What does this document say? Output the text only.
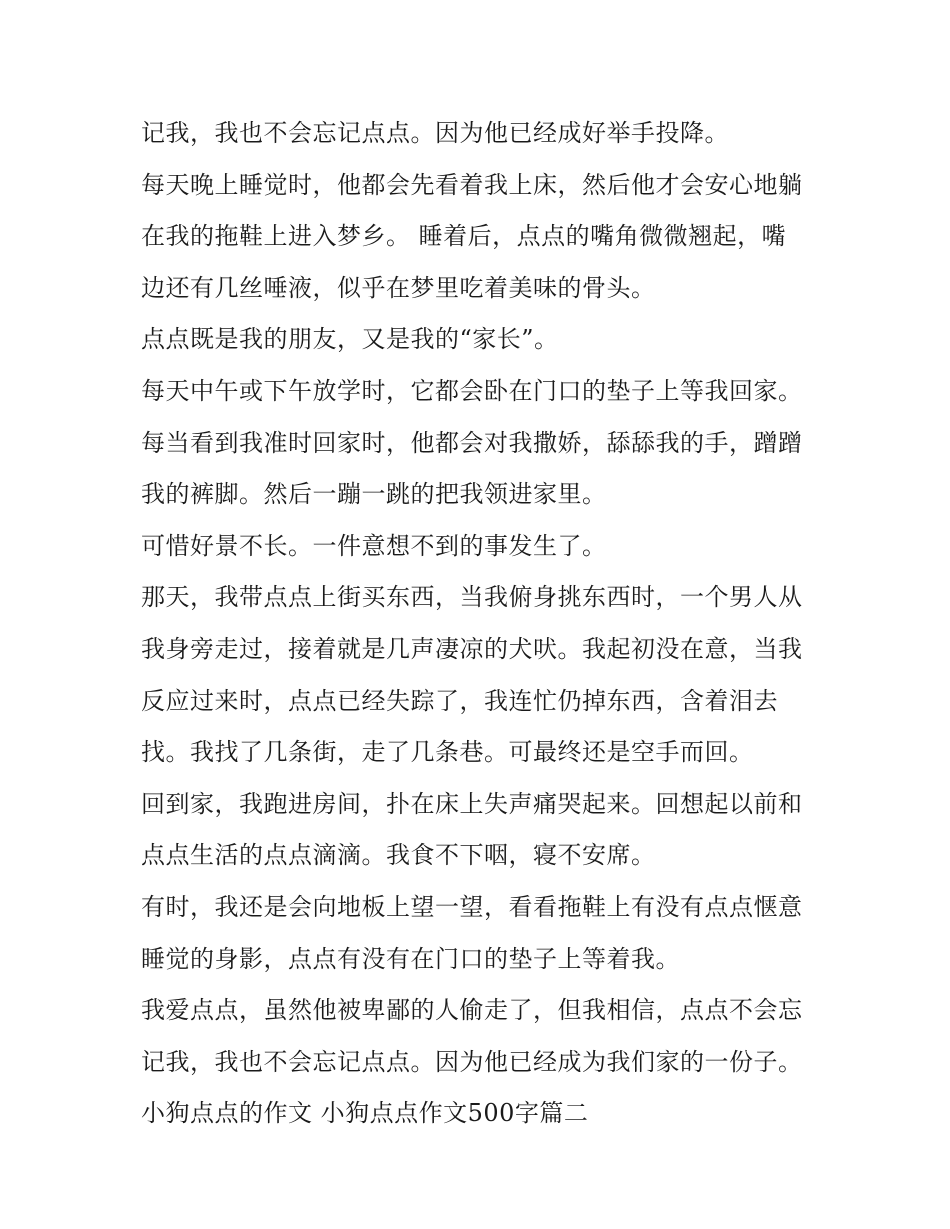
记我，我也不会忘记点点。因为他已经成好举手投降。
每天晚上睡觉时，他都会先看着我上床，然后他才会安心地躺
在我的拖鞋上进入梦乡。 睡着后，点点的嘴角微微翘起，嘴
边还有几丝唾液，似乎在梦里吃着美味的骨头。
点点既是我的朋友，又是我的“家长”。
每天中午或下午放学时，它都会卧在门口的垫子上等我回家。
每当看到我准时回家时，他都会对我撒娇，舔舔我的手，蹭蹭
我的裤脚。然后一蹦一跳的把我领进家里。
可惜好景不长。一件意想不到的事发生了。
那天，我带点点上街买东西，当我俯身挑东西时，一个男人从
我身旁走过，接着就是几声凄凉的犬吠。我起初没在意，当我
反应过来时，点点已经失踪了，我连忙仍掉东西，含着泪去
找。我找了几条街，走了几条巷。可最终还是空手而回。
回到家，我跑进房间，扑在床上失声痛哭起来。回想起以前和
点点生活的点点滴滴。我食不下咽，寝不安席。
有时，我还是会向地板上望一望，看看拖鞋上有没有点点惬意
睡觉的身影，点点有没有在门口的垫子上等着我。
我爱点点，虽然他被卑鄙的人偷走了，但我相信，点点不会忘
记我，我也不会忘记点点。因为他已经成为我们家的一份子。
小狗点点的作文 小狗点点作文500字篇二
